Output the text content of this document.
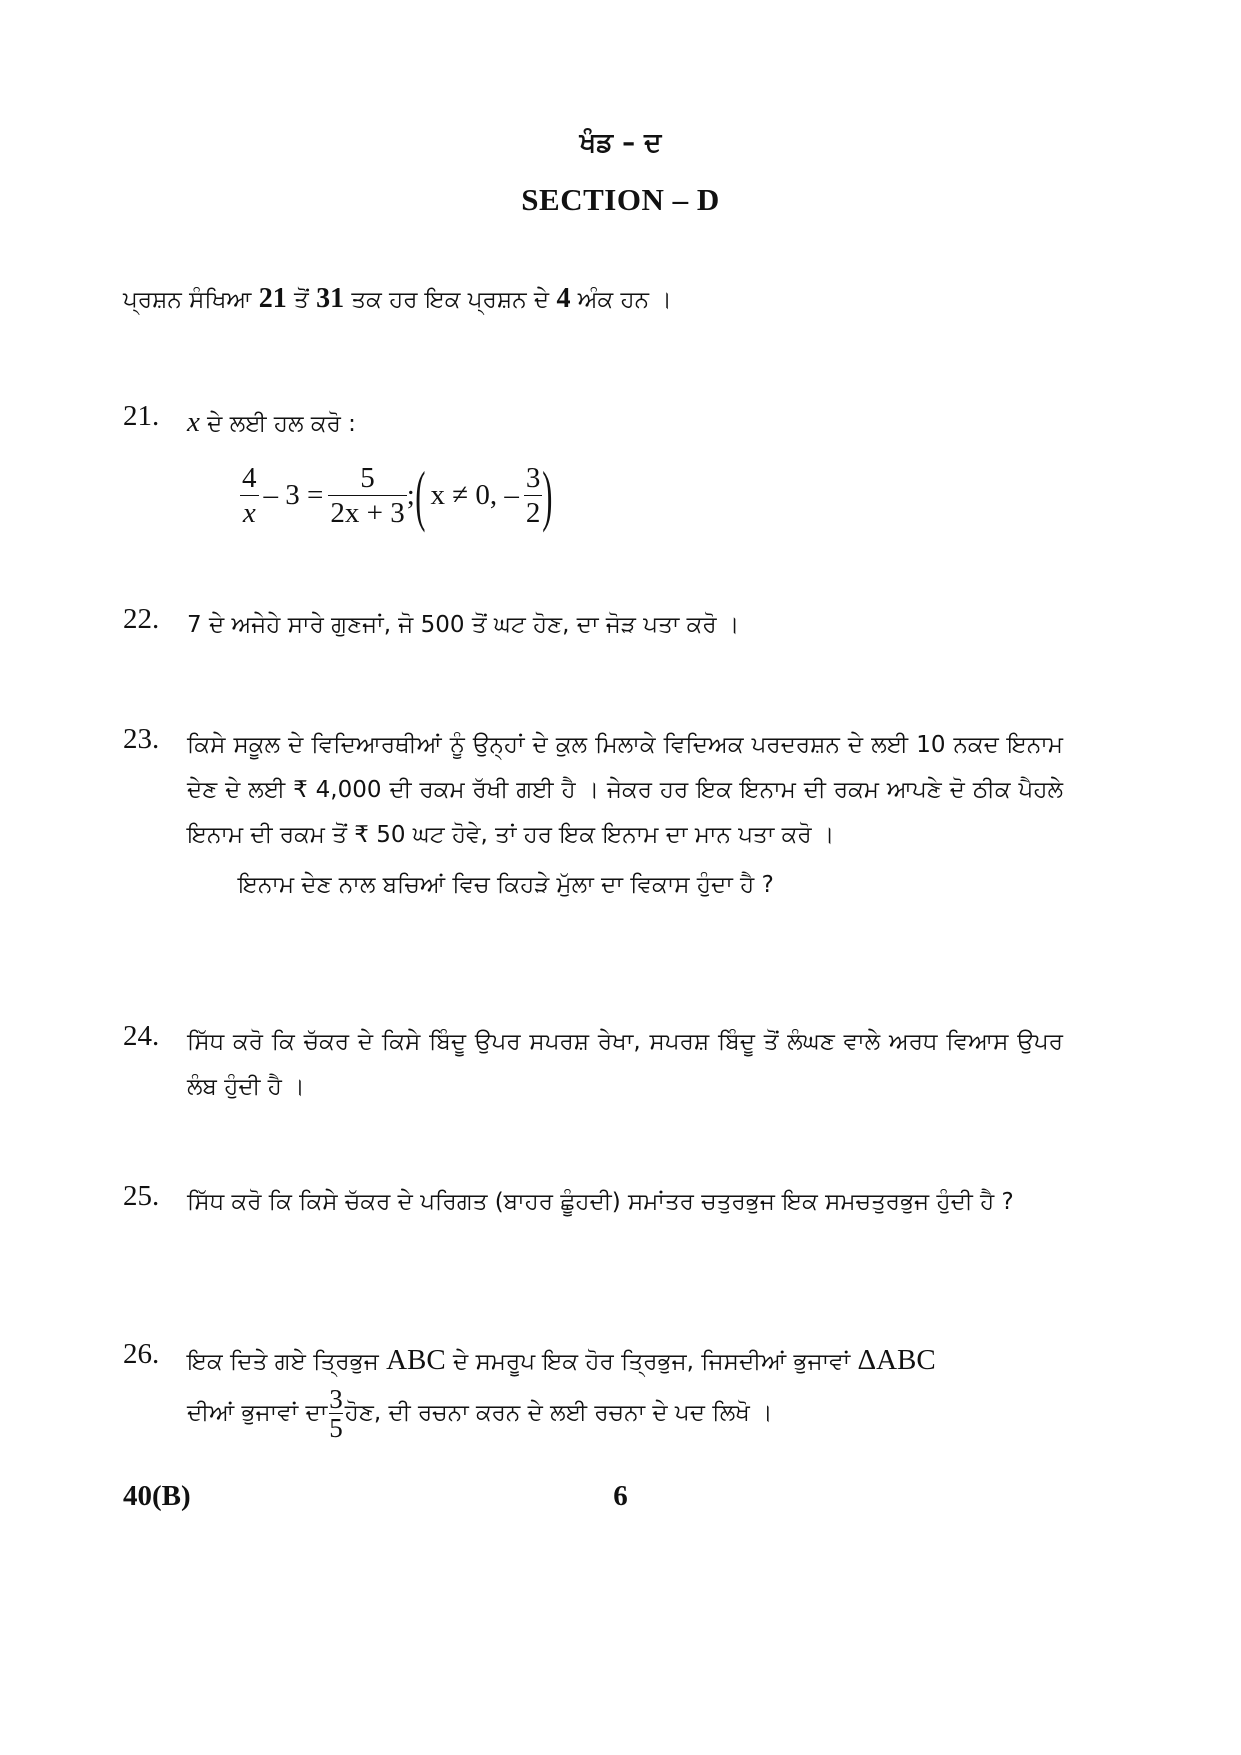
ਖੰਡ – ਦ
SECTION – D
ਪ੍ਰਸ਼ਨ ਸੰਖਿਆ 21 ਤੋਂ 31 ਤਕ ਹਰ ਇਕ ਪ੍ਰਸ਼ਨ ਦੇ 4 ਅੰਕ ਹਨ ।
21. x ਦੇ ਲਈ ਹਲ ਕਰੋ :
$\frac{4}{x} - 3 = \frac{5}{2x + 3}$ ; ( x ≠ 0, – $\frac{3}{2}$ )
22.	7 ਦੇ ਅਜੇਹੇ ਸਾਰੇ ਗੁਣਜਾਂ, ਜੋ 500 ਤੋਂ ਘਟ ਹੋਣ, ਦਾ ਜੋੜ ਪਤਾ ਕਰੋ ।
23.	ਕਿਸੇ ਸਕੂਲ ਦੇ ਵਿਦਿਆਰਥੀਆਂ ਨੂੰ ਉਨ੍ਹਾਂ ਦੇ ਕੁਲ ਮਿਲਾਕੇ ਵਿਦਿਅਕ ਪਰਦਰਸ਼ਨ ਦੇ ਲਈ 10 ਨਕਦ ਇਨਾਮ ਦੇਣ ਦੇ ਲਈ ₹ 4,000 ਦੀ ਰਕਮ ਰੱਖੀ ਗਈ ਹੈ । ਜੇਕਰ ਹਰ ਇਕ ਇਨਾਮ ਦੀ ਰਕਮ ਆਪਣੇ ਦੋ ਠੀਕ ਪੈਹਲੇ ਇਨਾਮ ਦੀ ਰਕਮ ਤੋਂ ₹ 50 ਘਟ ਹੋਵੇ, ਤਾਂ ਹਰ ਇਕ ਇਨਾਮ ਦਾ ਮਾਨ ਪਤਾ ਕਰੋ ।
ਇਨਾਮ ਦੇਣ ਨਾਲ ਬਚਿਆਂ ਵਿਚ ਕਿਹੜੇ ਮੁੱਲਾ ਦਾ ਵਿਕਾਸ ਹੁੰਦਾ ਹੈ ?
24.	ਸਿੱਧ ਕਰੋ ਕਿ ਚੱਕਰ ਦੇ ਕਿਸੇ ਬਿੰਦੂ ਉਪਰ ਸਪਰਸ਼ ਰੇਖਾ, ਸਪਰਸ਼ ਬਿੰਦੂ ਤੋਂ ਲੰਘਣ ਵਾਲੇ ਅਰਧ ਵਿਆਸ ਉਪਰ ਲੰਬ ਹੁੰਦੀ ਹੈ ।
25.	ਸਿੱਧ ਕਰੋ ਕਿ ਕਿਸੇ ਚੱਕਰ ਦੇ ਪਰਿਗਤ (ਬਾਹਰ ਛੂੰਹਦੀ) ਸਮਾਂਤਰ ਚਤੁਰਭੁਜ ਇਕ ਸਮਚਤੁਰਭੁਜ ਹੁੰਦੀ ਹੈ ?
26.	ਇਕ ਦਿਤੇ ਗਏ ਤ੍ਰਿਭੁਜ ABC ਦੇ ਸਮਰੂਪ ਇਕ ਹੋਰ ਤ੍ਰਿਭੁਜ, ਜਿਸਦੀਆਂ ਭੁਜਾਵਾਂ ΔABC
ਦੀਆਂ ਭੁਜਾਵਾਂ ਦਾ $\frac{3}{5}$ ਹੋਣ, ਦੀ ਰਚਨਾ ਕਰਨ ਦੇ ਲਈ ਰਚਨਾ ਦੇ ਪਦ ਲਿਖੋ ।
40(B)	6
